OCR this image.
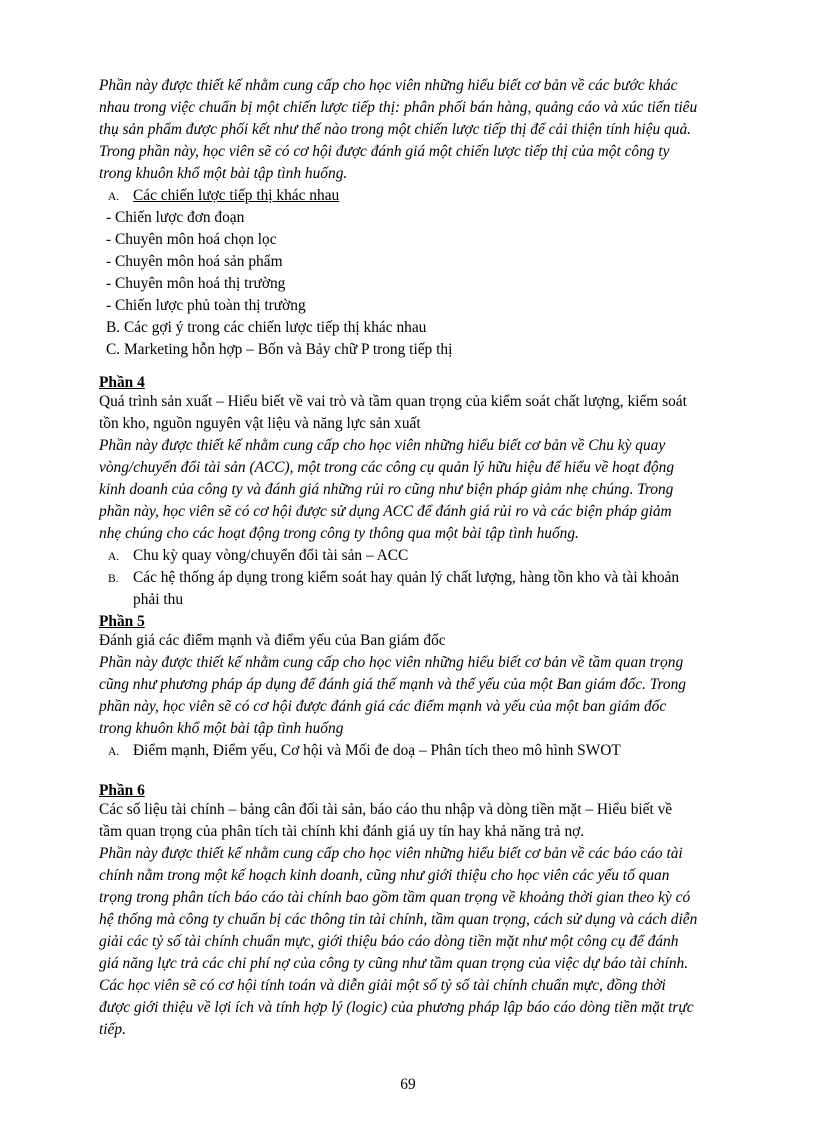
Phần này được thiết kế nhằm cung cấp cho học viên những hiểu biết cơ bản về các bước khác
nhau trong việc chuẩn bị một chiến lược tiếp thị: phân phối bán hàng, quảng cáo và xúc tiến tiêu
thụ sản phẩm được phối kết như thế nào trong một chiến lược tiếp thị để cải thiện tính hiệu quả.
Trong phần này, học viên sẽ có cơ hội được đánh giá một chiến lược tiếp thị của một công ty
trong khuôn khổ một bài tập tình huống.
A. Các chiến lược tiếp thị khác nhau
- Chiến lược đơn đoạn
- Chuyên môn hoá chọn lọc
- Chuyên môn hoá sản phẩm
- Chuyên môn hoá thị trường
- Chiến lược phủ toàn thị trường
B. Các gợi ý trong các chiến lược tiếp thị khác nhau
C. Marketing hỗn hợp – Bốn và Bảy chữ P trong tiếp thị
Phần 4
Quá trình sản xuất – Hiểu biết về vai trò và tầm quan trọng của kiểm soát chất lượng, kiểm soát
tồn kho, nguồn nguyên vật liệu và năng lực sản xuất
Phần này được thiết kế nhằm cung cấp cho học viên những hiểu biết cơ bản về Chu kỳ quay
vòng/chuyển đổi tài sản (ACC), một trong các công cụ quản lý hữu hiệu để hiểu về hoạt động
kinh doanh của công ty và đánh giá những rủi ro cũng như biện pháp giảm nhẹ chúng. Trong
phần này, học viên sẽ có cơ hội được sử dụng ACC để đánh giá rủi ro và các biện pháp giảm
nhẹ chúng cho các hoạt động trong công ty thông qua một bài tập tình huống.
A. Chu kỳ quay vòng/chuyển đổi tài sản – ACC
B. Các hệ thống áp dụng trong kiểm soát hay quản lý chất lượng, hàng tồn kho và tài khoản
phải thu
Phần 5
Đánh giá các điểm mạnh và điểm yếu của Ban giám đốc
Phần này được thiết kế nhằm cung cấp cho học viên những hiểu biết cơ bản về tầm quan trọng
cũng như phương pháp áp dụng để đánh giá thế mạnh và thế yếu của một Ban giám đốc. Trong
phần này, học viên sẽ có cơ hội được đánh giá các điểm mạnh và yếu của một ban giám đốc
trong khuôn khổ một bài tập tình huống
A. Điểm mạnh, Điểm yếu, Cơ hội và Mối đe doạ – Phân tích theo mô hình SWOT
Phần 6
Các số liệu tài chính – bảng cân đối tài sản, báo cáo thu nhập và dòng tiền mặt – Hiểu biết về
tầm quan trọng của phân tích tài chính khi đánh giá uy tín hay khả năng trả nợ.
Phần này được thiết kế nhằm cung cấp cho học viên những hiểu biết cơ bản về các báo cáo tài
chính nằm trong một kế hoạch kinh doanh, cũng như giới thiệu cho học viên các yếu tố quan
trọng trong phân tích báo cáo tài chính bao gồm tầm quan trọng về khoảng thời gian theo kỳ có
hệ thống mà công ty chuẩn bị các thông tin tài chính, tầm quan trọng, cách sử dụng và cách diễn
giải các tỷ số tài chính chuẩn mực, giới thiệu báo cáo dòng tiền mặt như một công cụ để đánh
giá năng lực trả các chi phí nợ của công ty cũng như tầm quan trọng của việc dự báo tài chính.
Các học viên sẽ có cơ hội tính toán và diễn giải một số tỷ số tài chính chuẩn mực, đồng thời
được giới thiệu về lợi ích và tính hợp lý (logic) của phương pháp lập báo cáo dòng tiền mặt trực
tiếp.
69
